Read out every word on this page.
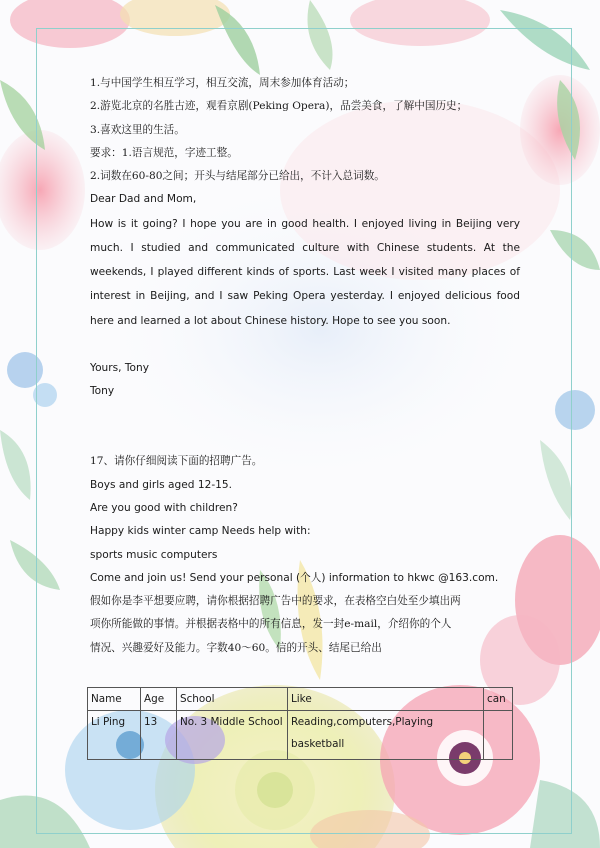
1.与中国学生相互学习，相互交流，周末参加体育活动；

2.游览北京的名胜古迹，观看京剧(Peking Opera)，品尝美食，了解中国历史；

3.喜欢这里的生活。

要求：1.语言规范，字迹工整。

2.词数在60-80之间；开头与结尾部分已给出，不计入总词数。

Dear Dad and Mom,

How is it going? I hope you are in good health. I enjoyed living in Beijing very much. I studied and communicated culture with Chinese students. At the weekends, I played different kinds of sports. Last week I visited many places of interest in Beijing, and I saw Peking Opera yesterday. I enjoyed delicious food here and learned a lot about Chinese history. Hope to see you soon.

Yours, Tony

Tony

17、请你仔细阅读下面的招聘广告。

Boys and girls aged 12-15.

Are you good with children?

Happy kids winter camp Needs help with:

sports music computers

Come and join us! Send your personal (个人) information to hkwc @163.com.

假如你是李平想要应聘，请你根据招聘广告中的要求，在表格空白处至少填出两

项你所能做的事情。并根据表格中的所有信息，发一封e-mail，介绍你的个人

情况、兴趣爱好及能力。字数40～60。信的开头、结尾已给出

Name	Age	School	Like	can
Li Ping	13	No. 3 Middle School	Reading,computers,Playing
basketball	
